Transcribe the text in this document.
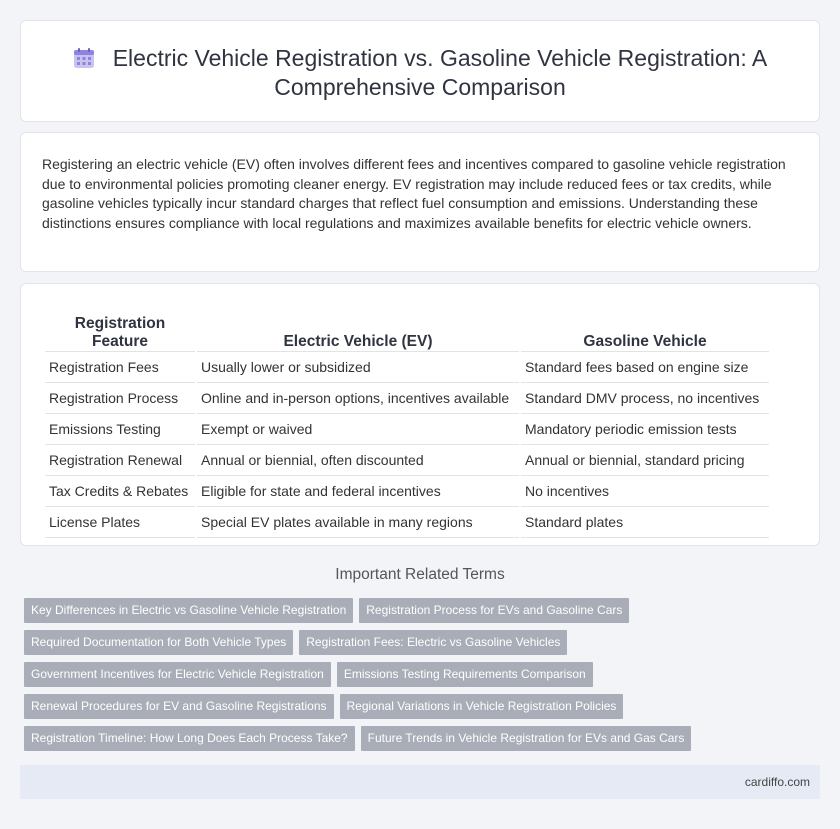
Electric Vehicle Registration vs. Gasoline Vehicle Registration: A Comprehensive Comparison

Registering an electric vehicle (EV) often involves different fees and incentives compared to gasoline vehicle registration due to environmental policies promoting cleaner energy. EV registration may include reduced fees or tax credits, while gasoline vehicles typically incur standard charges that reflect fuel consumption and emissions. Understanding these distinctions ensures compliance with local regulations and maximizes available benefits for electric vehicle owners.

Registration Feature	Electric Vehicle (EV)	Gasoline Vehicle
Registration Fees	Usually lower or subsidized	Standard fees based on engine size
Registration Process	Online and in-person options, incentives available	Standard DMV process, no incentives
Emissions Testing	Exempt or waived	Mandatory periodic emission tests
Registration Renewal	Annual or biennial, often discounted	Annual or biennial, standard pricing
Tax Credits & Rebates	Eligible for state and federal incentives	No incentives
License Plates	Special EV plates available in many regions	Standard plates
Important Related Terms
Key Differences in Electric vs Gasoline Vehicle Registration	Registration Process for EVs and Gasoline Cars
Required Documentation for Both Vehicle Types	Registration Fees: Electric vs Gasoline Vehicles
Government Incentives for Electric Vehicle Registration	Emissions Testing Requirements Comparison
Renewal Procedures for EV and Gasoline Registrations	Regional Variations in Vehicle Registration Policies
Registration Timeline: How Long Does Each Process Take?	Future Trends in Vehicle Registration for EVs and Gas Cars
cardiffo.com
